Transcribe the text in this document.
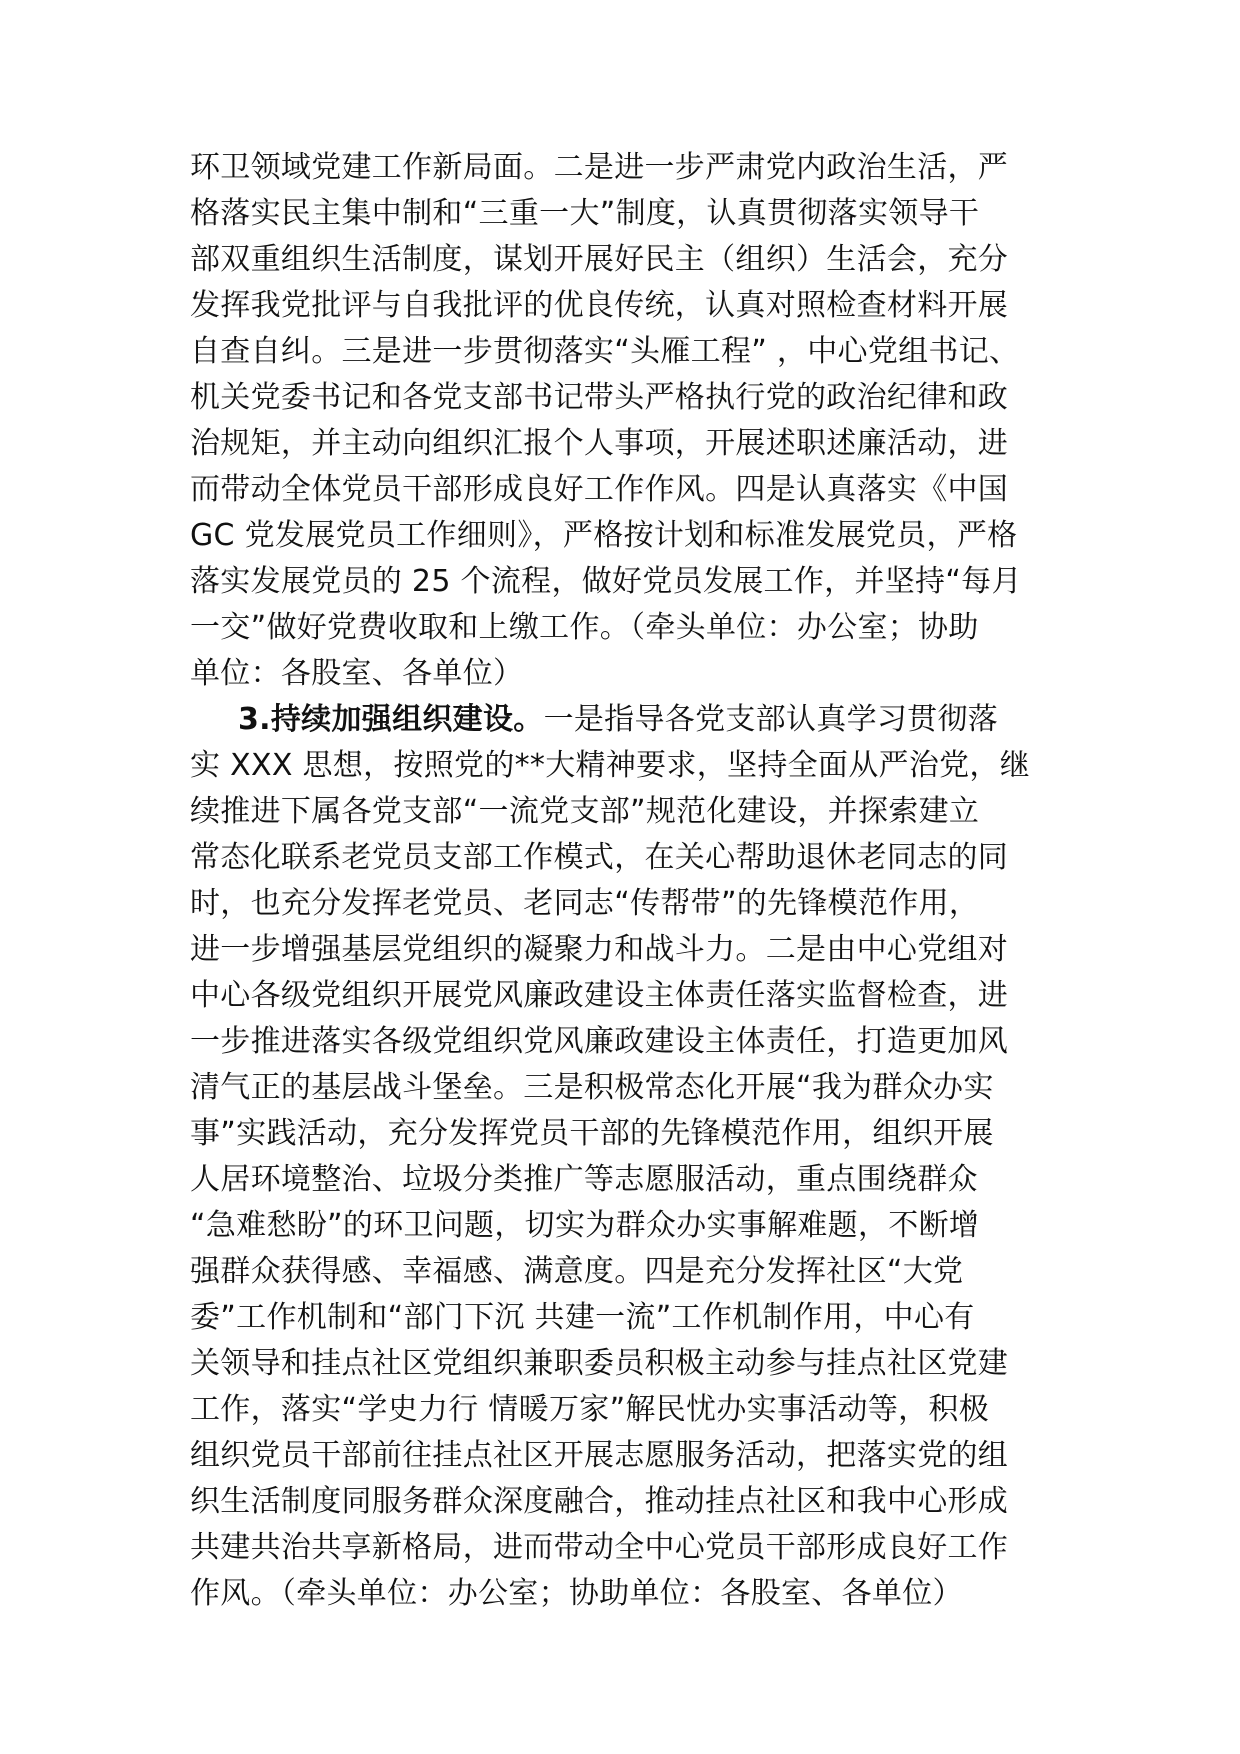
环卫领域党建工作新局面。二是进一步严肃党内政治生活，严
格落实民主集中制和“三重一大”制度，认真贯彻落实领导干
部双重组织生活制度，谋划开展好民主（组织）生活会，充分
发挥我党批评与自我批评的优良传统，认真对照检查材料开展
自查自纠。三是进一步贯彻落实“头雁工程” ，中心党组书记、
机关党委书记和各党支部书记带头严格执行党的政治纪律和政
治规矩，并主动向组织汇报个人事项，开展述职述廉活动，进
而带动全体党员干部形成良好工作作风。四是认真落实《中国
GC 党发展党员工作细则》，严格按计划和标准发展党员，严格
落实发展党员的 25 个流程，做好党员发展工作，并坚持“每月
一交”做好党费收取和上缴工作。（牵头单位：办公室；协助
单位：各股室、各单位）
3.持续加强组织建设。一是指导各党支部认真学习贯彻落
实 XXX 思想，按照党的**大精神要求，坚持全面从严治党，继
续推进下属各党支部“一流党支部”规范化建设，并探索建立
常态化联系老党员支部工作模式，在关心帮助退休老同志的同
时，也充分发挥老党员、老同志“传帮带”的先锋模范作用，
进一步增强基层党组织的凝聚力和战斗力。二是由中心党组对
中心各级党组织开展党风廉政建设主体责任落实监督检查，进
一步推进落实各级党组织党风廉政建设主体责任，打造更加风
清气正的基层战斗堡垒。三是积极常态化开展“我为群众办实
事”实践活动，充分发挥党员干部的先锋模范作用，组织开展
人居环境整治、垃圾分类推广等志愿服活动，重点围绕群众
“急难愁盼”的环卫问题，切实为群众办实事解难题，不断增
强群众获得感、幸福感、满意度。四是充分发挥社区“大党
委”工作机制和“部门下沉 共建一流”工作机制作用，中心有
关领导和挂点社区党组织兼职委员积极主动参与挂点社区党建
工作，落实“学史力行 情暖万家”解民忧办实事活动等，积极
组织党员干部前往挂点社区开展志愿服务活动，把落实党的组
织生活制度同服务群众深度融合，推动挂点社区和我中心形成
共建共治共享新格局，进而带动全中心党员干部形成良好工作
作风。（牵头单位：办公室；协助单位：各股室、各单位）
